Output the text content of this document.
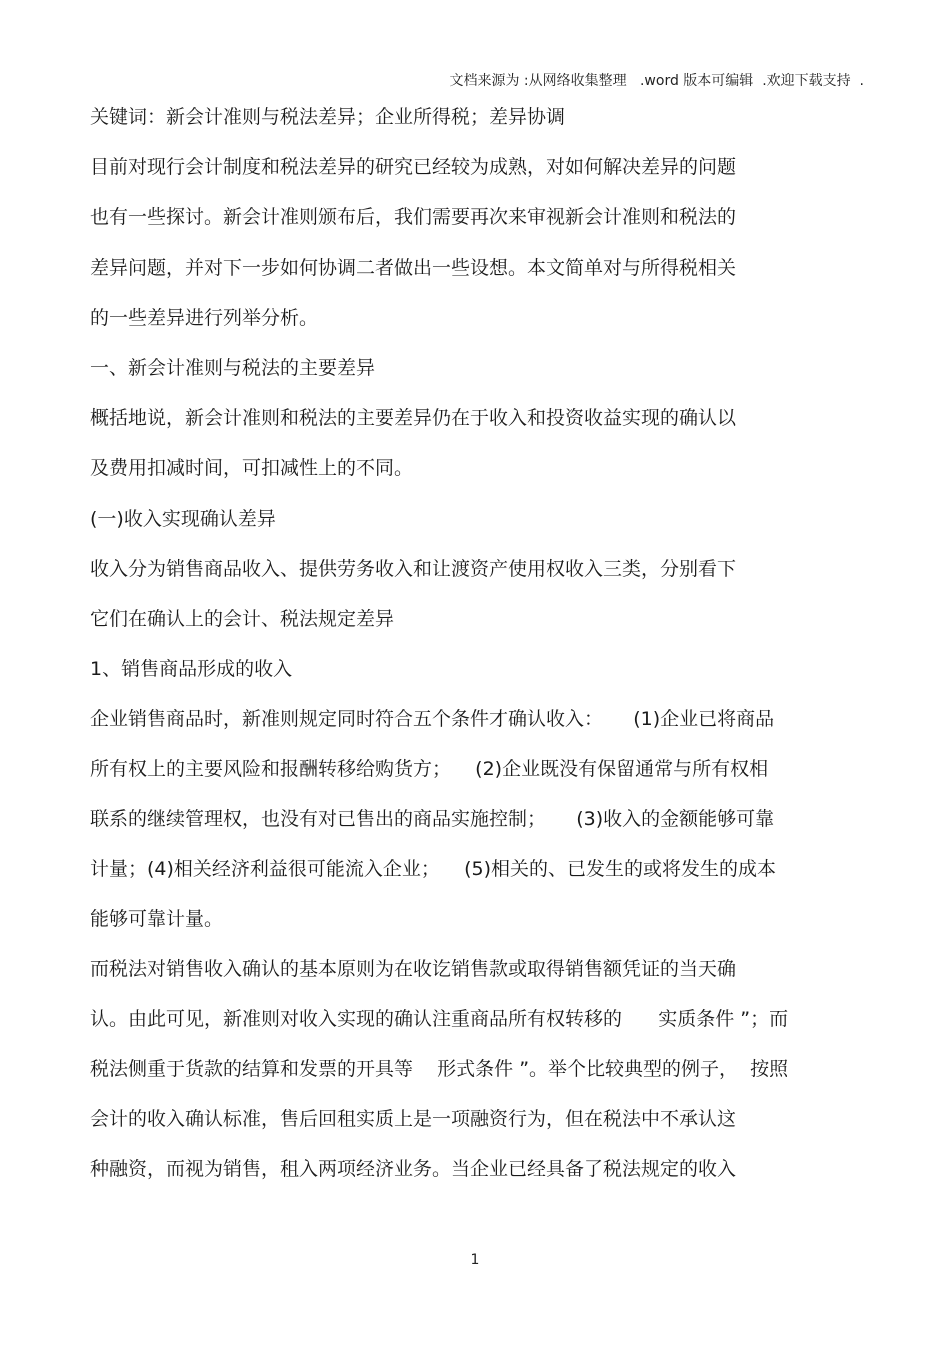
文档来源为 :从网络收集整理   .word 版本可编辑  .欢迎下载支持  .
关键词：新会计准则与税法差异；企业所得税；差异协调
目前对现行会计制度和税法差异的研究已经较为成熟，对如何解决差异的问题
也有一些探讨。新会计准则颁布后，我们需要再次来审视新会计准则和税法的
差异问题，并对下一步如何协调二者做出一些设想。本文简单对与所得税相关
的一些差异进行列举分析。
一、新会计准则与税法的主要差异
概括地说，新会计准则和税法的主要差异仍在于收入和投资收益实现的确认以
及费用扣减时间，可扣减性上的不同。
(一)收入实现确认差异
收入分为销售商品收入、提供劳务收入和让渡资产使用权收入三类，分别看下
它们在确认上的会计、税法规定差异
1、销售商品形成的收入
企业销售商品时，新准则规定同时符合五个条件才确认收入：     (1)企业已将商品
所有权上的主要风险和报酬转移给购货方；    (2)企业既没有保留通常与所有权相
联系的继续管理权，也没有对已售出的商品实施控制；     (3)收入的金额能够可靠
计量；(4)相关经济利益很可能流入企业；    (5)相关的、已发生的或将发生的成本
能够可靠计量。
而税法对销售收入确认的基本原则为在收讫销售款或取得销售额凭证的当天确
认。由此可见，新准则对收入实现的确认注重商品所有权转移的      实质条件 ”；而
税法侧重于货款的结算和发票的开具等    形式条件 ”。举个比较典型的例子，  按照
会计的收入确认标准，售后回租实质上是一项融资行为，但在税法中不承认这
种融资，而视为销售，租入两项经济业务。当企业已经具备了税法规定的收入
1
